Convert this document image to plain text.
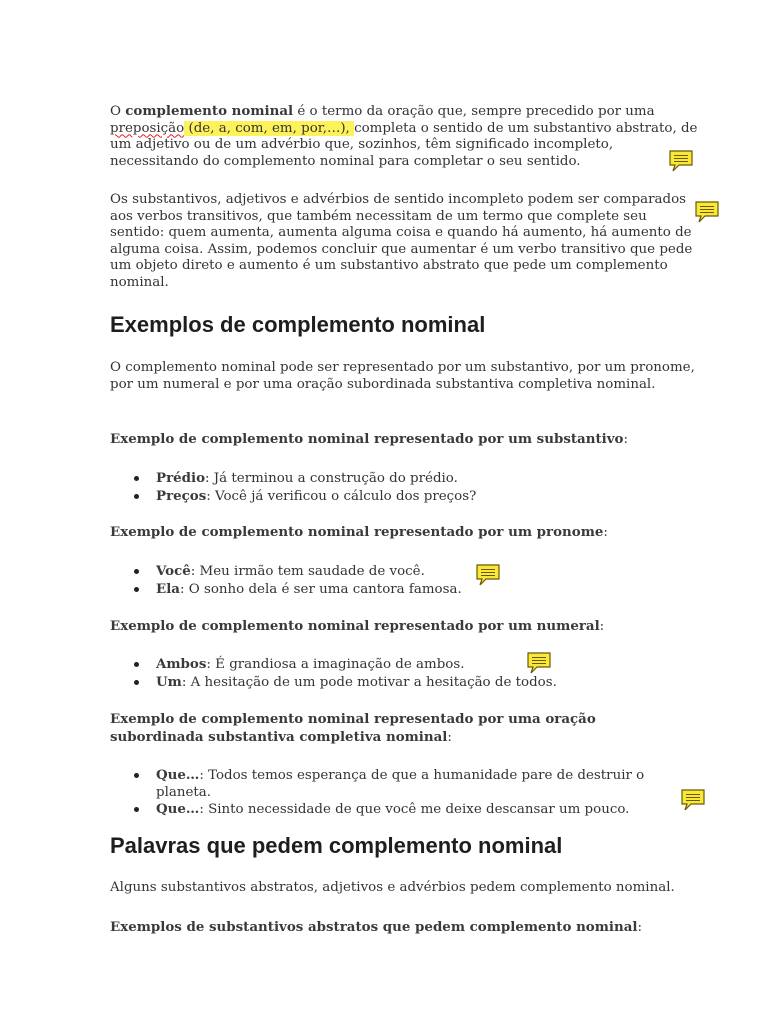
O complemento nominal é o termo da oração que, sempre precedido por uma preposição (de, a, com, em, por,…), completa o sentido de um substantivo abstrato, de um adjetivo ou de um advérbio que, sozinhos, têm significado incompleto, necessitando do complemento nominal para completar o seu sentido.

Os substantivos, adjetivos e advérbios de sentido incompleto podem ser comparados aos verbos transitivos, que também necessitam de um termo que complete seu sentido: quem aumenta, aumenta alguma coisa e quando há aumento, há aumento de alguma coisa. Assim, podemos concluir que aumentar é um verbo transitivo que pede um objeto direto e aumento é um substantivo abstrato que pede um complemento nominal.

Exemplos de complemento nominal

O complemento nominal pode ser representado por um substantivo, por um pronome, por um numeral e por uma oração subordinada substantiva completiva nominal.

Exemplo de complemento nominal representado por um substantivo:

Prédio: Já terminou a construção do prédio.
Preços: Você já verificou o cálculo dos preços?

Exemplo de complemento nominal representado por um pronome:

Você: Meu irmão tem saudade de você.
Ela: O sonho dela é ser uma cantora famosa.

Exemplo de complemento nominal representado por um numeral:

Ambos: É grandiosa a imaginação de ambos.
Um: A hesitação de um pode motivar a hesitação de todos.

Exemplo de complemento nominal representado por uma oração subordinada substantiva completiva nominal:

Que…: Todos temos esperança de que a humanidade pare de destruir o planeta.
Que…: Sinto necessidade de que você me deixe descansar um pouco.
Palavras que pedem complemento nominal

Alguns substantivos abstratos, adjetivos e advérbios pedem complemento nominal.

Exemplos de substantivos abstratos que pedem complemento nominal:
